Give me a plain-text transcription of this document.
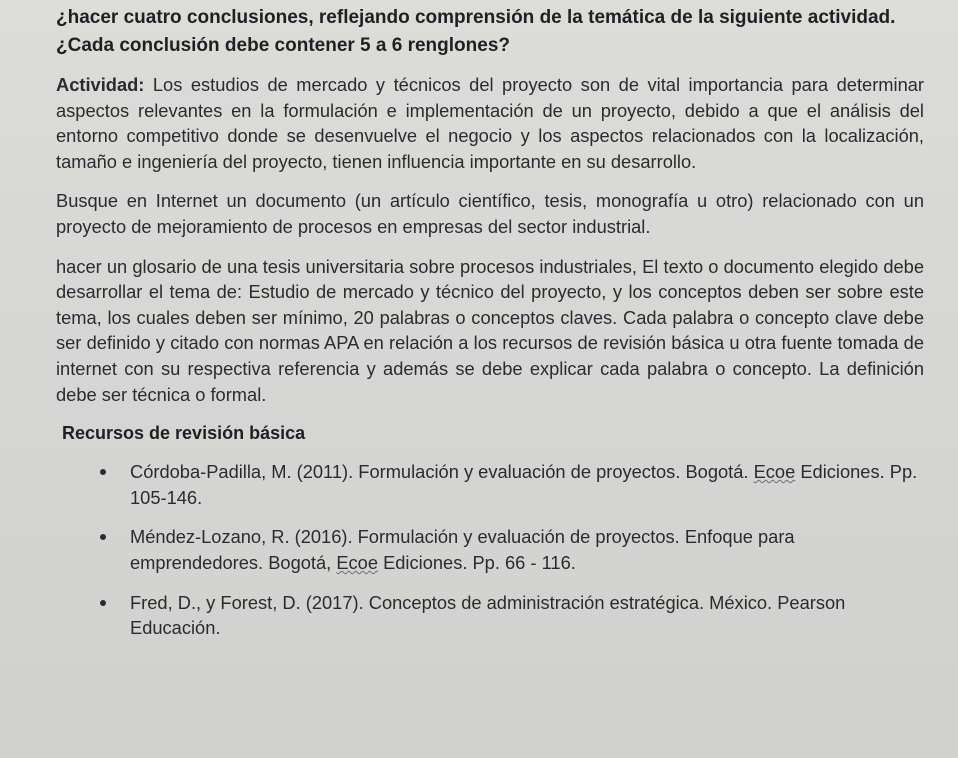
¿hacer cuatro conclusiones, reflejando comprensión de la temática de la siguiente actividad. ¿Cada conclusión debe contener 5 a 6 renglones?

Actividad: Los estudios de mercado y técnicos del proyecto son de vital importancia para determinar aspectos relevantes en la formulación e implementación de un proyecto, debido a que el análisis del entorno competitivo donde se desenvuelve el negocio y los aspectos relacionados con la localización, tamaño e ingeniería del proyecto, tienen influencia importante en su desarrollo.

Busque en Internet un documento (un artículo científico, tesis, monografía u otro) relacionado con un proyecto de mejoramiento de procesos en empresas del sector industrial.

hacer un glosario de una tesis universitaria sobre procesos industriales, El texto o documento elegido debe desarrollar el tema de: Estudio de mercado y técnico del proyecto, y los conceptos deben ser sobre este tema, los cuales deben ser mínimo, 20 palabras o conceptos claves. Cada palabra o concepto clave debe ser definido y citado con normas APA en relación a los recursos de revisión básica u otra fuente tomada de internet con su respectiva referencia y además se debe explicar cada palabra o concepto. La definición debe ser técnica o formal.

Recursos de revisión básica
Córdoba-Padilla, M. (2011). Formulación y evaluación de proyectos. Bogotá. Ecoe Ediciones. Pp. 105-146.
Méndez-Lozano, R. (2016). Formulación y evaluación de proyectos. Enfoque para emprendedores. Bogotá, Ecoe Ediciones. Pp. 66 - 116.
Fred, D., y Forest, D. (2017). Conceptos de administración estratégica. México. Pearson Educación.
